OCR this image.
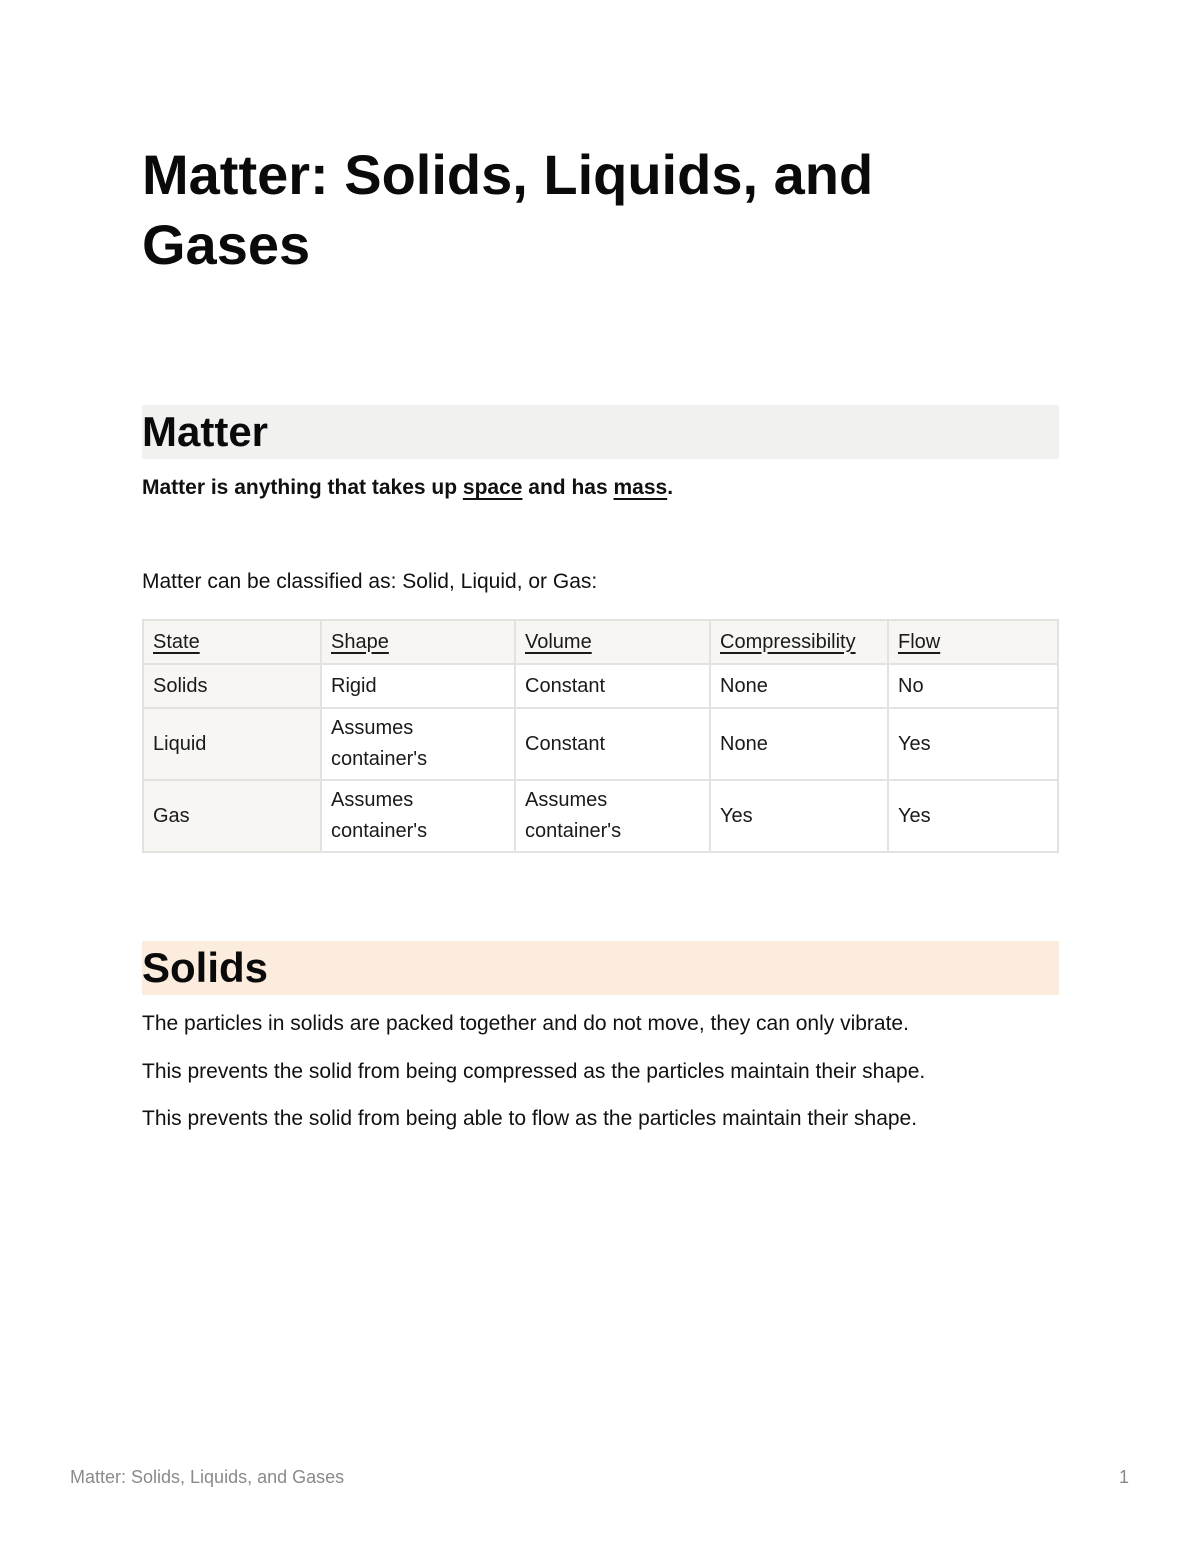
Matter: Solids, Liquids, and Gases
Matter

Matter is anything that takes up space and has mass.

Matter can be classified as: Solid, Liquid, or Gas:

State	Shape	Volume	Compressibility	Flow
Solids	Rigid	Constant	None	No
Liquid	Assumes container's	Constant	None	Yes
Gas	Assumes container's	Assumes container's	Yes	Yes
Solids

The particles in solids are packed together and do not move, they can only vibrate.

This prevents the solid from being compressed as the particles maintain their shape.

This prevents the solid from being able to flow as the particles maintain their shape.

Matter: Solids, Liquids, and Gases	1
